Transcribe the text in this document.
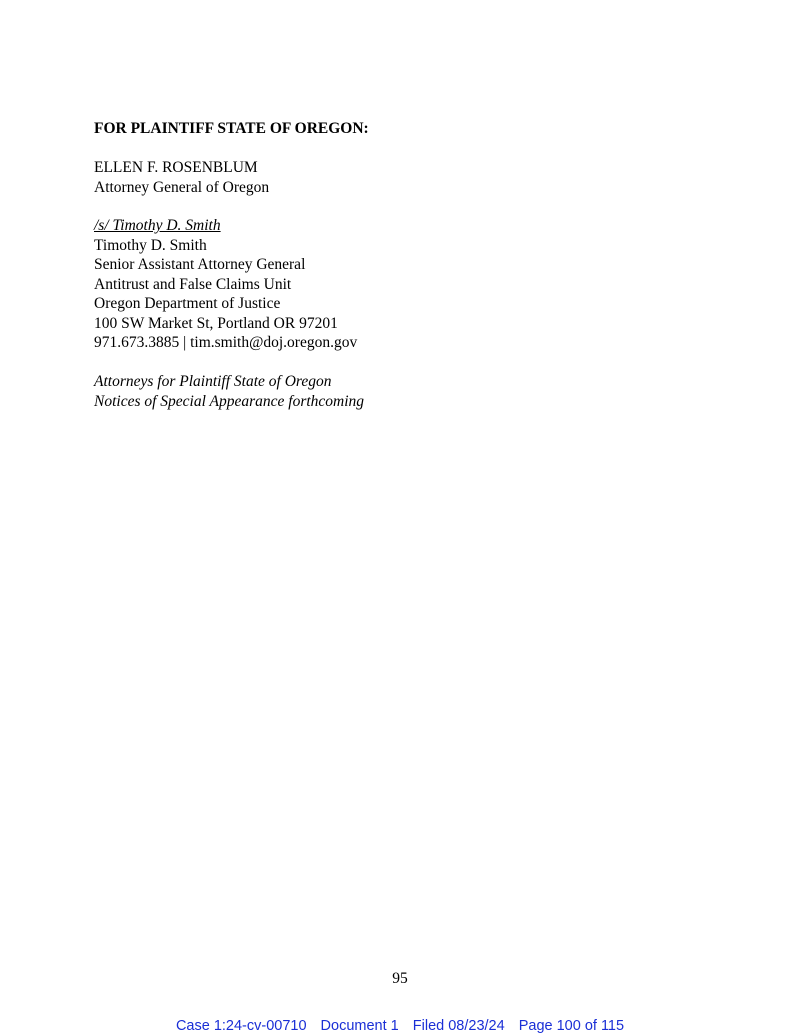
FOR PLAINTIFF STATE OF OREGON:
ELLEN F. ROSENBLUM
Attorney General of Oregon
/s/ Timothy D. Smith
Timothy D. Smith
Senior Assistant Attorney General
Antitrust and False Claims Unit
Oregon Department of Justice
100 SW Market St, Portland OR 97201
971.673.3885 | tim.smith@doj.oregon.gov
Attorneys for Plaintiff State of Oregon
Notices of Special Appearance forthcoming
95
Case 1:24-cv-00710 Document 1 Filed 08/23/24 Page 100 of 115
